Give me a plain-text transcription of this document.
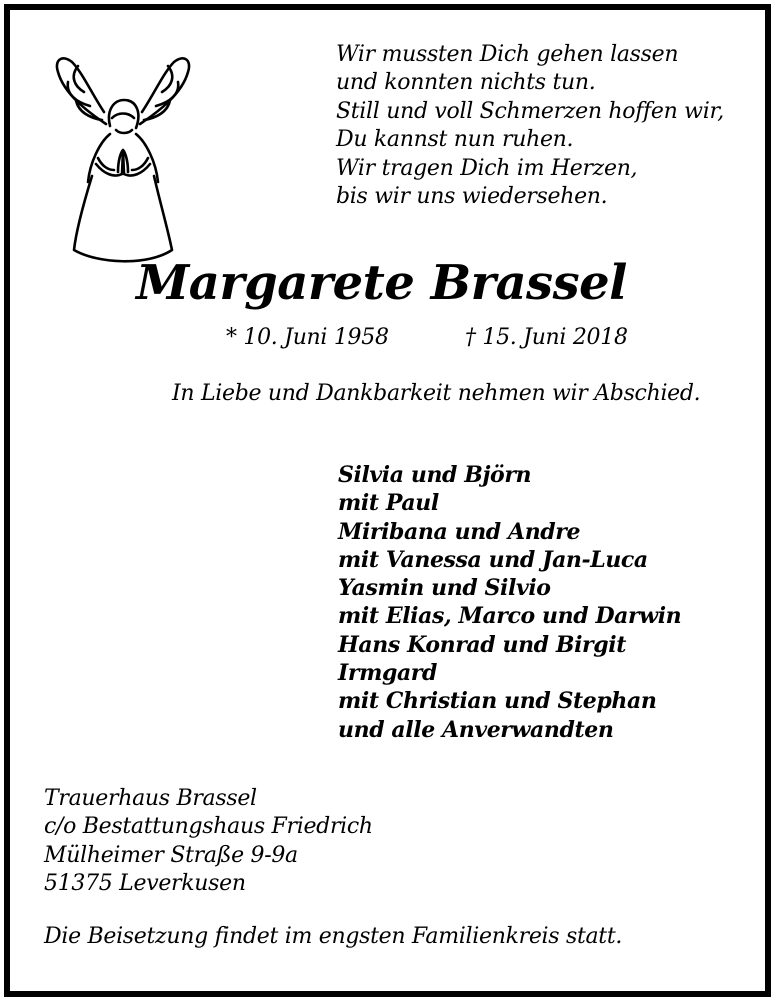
Wir mussten Dich gehen lassen
und konnten nichts tun.
Still und voll Schmerzen hoffen wir,
Du kannst nun ruhen.
Wir tragen Dich im Herzen,
bis wir uns wiedersehen.
Margarete Brassel
* 10. Juni 1958	† 15. Juni 2018
In Liebe und Dankbarkeit nehmen wir Abschied.
Silvia und Björn
mit Paul
Miribana und Andre
mit Vanessa und Jan-Luca
Yasmin und Silvio
mit Elias, Marco und Darwin
Hans Konrad und Birgit
Irmgard
mit Christian und Stephan
und alle Anverwandten
Trauerhaus Brassel
c/o Bestattungshaus Friedrich
Mülheimer Straße 9-9a
51375 Leverkusen
Die Beisetzung findet im engsten Familienkreis statt.
